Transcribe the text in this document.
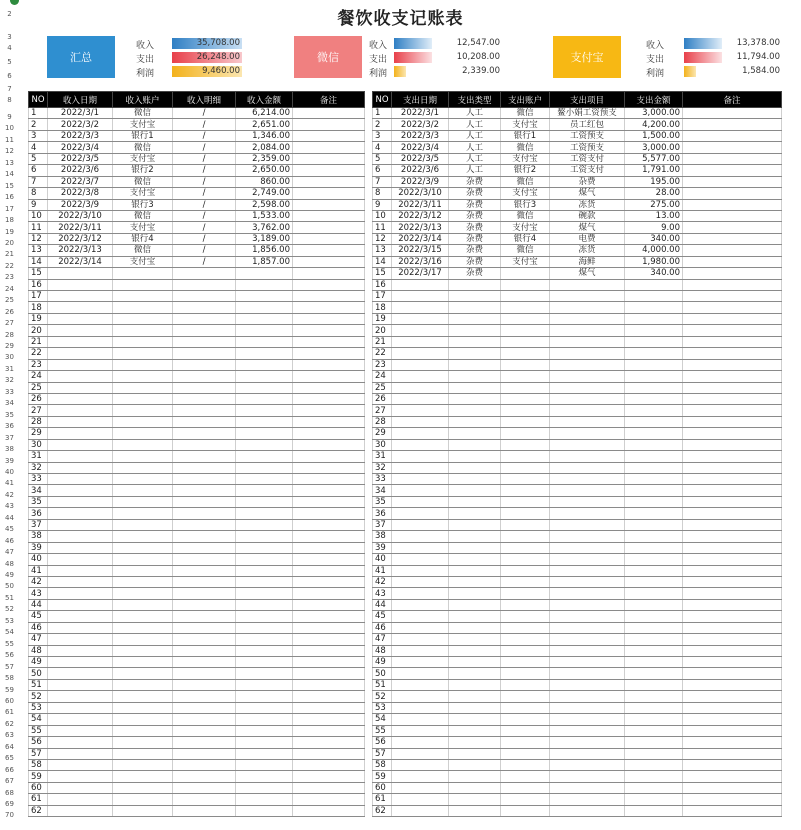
2
3
4
5
6
7
8
9
10
11
12
13
14
15
16
17
18
19
20
21
22
23
24
25
26
27
28
29
30
31
32
33
34
35
36
37
38
39
40
41
42
43
44
45
46
47
48
49
50
51
52
53
54
55
56
57
58
59
60
61
62
63
64
65
66
67
68
69
70
餐饮收支记账表
汇总
收入
支出
利润
35,708.00
26,248.00
9,460.00
微信
收入
支出
利润
12,547.00
10,208.00
2,339.00
支付宝
收入
支出
利润
13,378.00
11,794.00
1,584.00
NO	收入日期	收入账户	收入明细	收入金额	备注
1	2022/3/1	微信	/	6,214.00	
2	2022/3/2	支付宝	/	2,651.00	
3	2022/3/3	银行1	/	1,346.00	
4	2022/3/4	微信	/	2,084.00	
5	2022/3/5	支付宝	/	2,359.00	
6	2022/3/6	银行2	/	2,650.00	
7	2022/3/7	微信	/	860.00	
8	2022/3/8	支付宝	/	2,749.00	
9	2022/3/9	银行3	/	2,598.00	
10	2022/3/10	微信	/	1,533.00	
11	2022/3/11	支付宝	/	3,762.00	
12	2022/3/12	银行4	/	3,189.00	
13	2022/3/13	微信	/	1,856.00	
14	2022/3/14	支付宝	/	1,857.00	
15					
16					
17					
18					
19					
20					
21					
22					
23					
24					
25					
26					
27					
28					
29					
30					
31					
32					
33					
34					
35					
36					
37					
38					
39					
40					
41					
42					
43					
44					
45					
46					
47					
48					
49					
50					
51					
52					
53					
54					
55					
56					
57					
58					
59					
60					
61					
62					
NO	支出日期	支出类型	支出账户	支出项目	支出金额	备注
1	2022/3/1	人工	微信	鳌小娟工资预支	3,000.00	
2	2022/3/2	人工	支付宝	员工红包	4,200.00	
3	2022/3/3	人工	银行1	工资预支	1,500.00	
4	2022/3/4	人工	微信	工资预支	3,000.00	
5	2022/3/5	人工	支付宝	工资支付	5,577.00	
6	2022/3/6	人工	银行2	工资支付	1,791.00	
7	2022/3/9	杂费	微信	杂费	195.00	
8	2022/3/10	杂费	支付宝	煤气	28.00	
9	2022/3/11	杂费	银行3	冻货	275.00	
10	2022/3/12	杂费	微信	碗款	13.00	
11	2022/3/13	杂费	支付宝	煤气	9.00	
12	2022/3/14	杂费	银行4	电费	340.00	
13	2022/3/15	杂费	微信	冻货	4,000.00	
14	2022/3/16	杂费	支付宝	海鲜	1,980.00	
15	2022/3/17	杂费		煤气	340.00	
16						
17						
18						
19						
20						
21						
22						
23						
24						
25						
26						
27						
28						
29						
30						
31						
32						
33						
34						
35						
36						
37						
38						
39						
40						
41						
42						
43						
44						
45						
46						
47						
48						
49						
50						
51						
52						
53						
54						
55						
56						
57						
58						
59						
60						
61						
62						
